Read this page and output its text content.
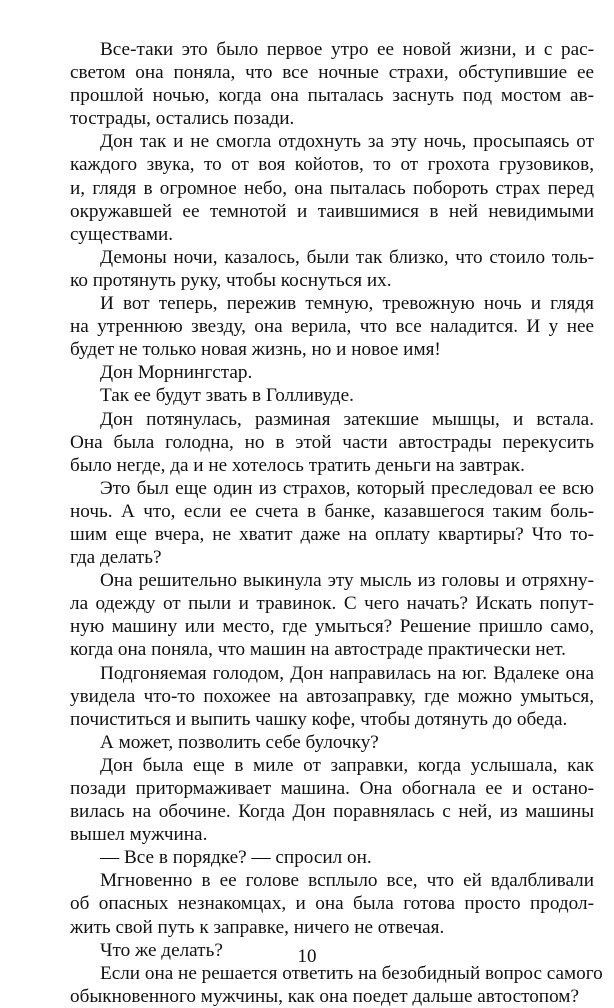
Все-таки это было первое утро ее новой жизни, и с рас-
светом она поняла, что все ночные страхи, обступившие ее
прошлой ночью, когда она пыталась заснуть под мостом ав-
тострады, остались позади.

Дон так и не смогла отдохнуть за эту ночь, просыпаясь от
каждого звука, то от воя койотов, то от грохота грузовиков,
и, глядя в огромное небо, она пыталась побороть страх перед
окружавшей ее темнотой и таившимися в ней невидимыми
существами.

Демоны ночи, казалось, были так близко, что стоило толь-
ко протянуть руку, чтобы коснуться их.

И вот теперь, пережив темную, тревожную ночь и глядя
на утреннюю звезду, она верила, что все наладится. И у нее
будет не только новая жизнь, но и новое имя!

Дон Морнингстар.

Так ее будут звать в Голливуде.

Дон потянулась, разминая затекшие мышцы, и встала.
Она была голодна, но в этой части автострады перекусить
было негде, да и не хотелось тратить деньги на завтрак.

Это был еще один из страхов, который преследовал ее всю
ночь. А что, если ее счета в банке, казавшегося таким боль-
шим еще вчера, не хватит даже на оплату квартиры? Что то-
гда делать?

Она решительно выкинула эту мысль из головы и отряхну-
ла одежду от пыли и травинок. С чего начать? Искать попут-
ную машину или место, где умыться? Решение пришло само,
когда она поняла, что машин на автостраде практически нет.

Подгоняемая голодом, Дон направилась на юг. Вдалеке она
увидела что-то похожее на автозаправку, где можно умыться,
почиститься и выпить чашку кофе, чтобы дотянуть до обеда.

А может, позволить себе булочку?

Дон была еще в миле от заправки, когда услышала, как
позади притормаживает машина. Она обогнала ее и остано-
вилась на обочине. Когда Дон поравнялась с ней, из машины
вышел мужчина.

— Все в порядке? — спросил он.

Мгновенно в ее голове всплыло все, что ей вдалбливали
об опасных незнакомцах, и она была готова просто продол-
жить свой путь к заправке, ничего не отвечая.

Что же делать?

Если она не решается ответить на безобидный вопрос самого
обыкновенного мужчины, как она поедет дальше автостопом?

10
